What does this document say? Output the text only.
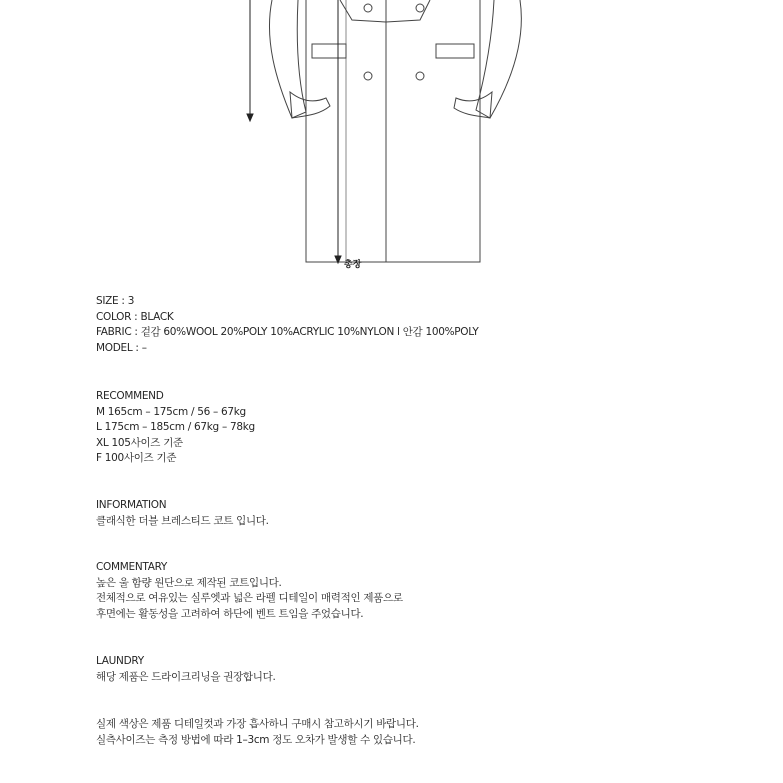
총장
SIZE : 3
COLOR : BLACK
FABRIC : 겉감 60%WOOL 20%POLY 10%ACRYLIC 10%NYLON l 안감 100%POLY
MODEL : –
RECOMMEND
M 165cm – 175cm / 56 – 67kg
L 175cm – 185cm / 67kg – 78kg
XL 105사이즈 기준
F 100사이즈 기준
INFORMATION
클래식한 더블 브레스티드 코트 입니다.
COMMENTARY
높은 울 함량 원단으로 제작된 코트입니다.
전체적으로 여유있는 실루엣과 넓은 라펠 디테일이 매력적인 제품으로
후면에는 활동성을 고려하여 하단에 벤트 트임을 주었습니다.
LAUNDRY
해당 제품은 드라이크리닝을 권장합니다.
실제 색상은 제품 디테일컷과 가장 흡사하니 구매시 참고하시기 바랍니다.
실측사이즈는 측정 방법에 따라 1–3cm 정도 오차가 발생할 수 있습니다.
